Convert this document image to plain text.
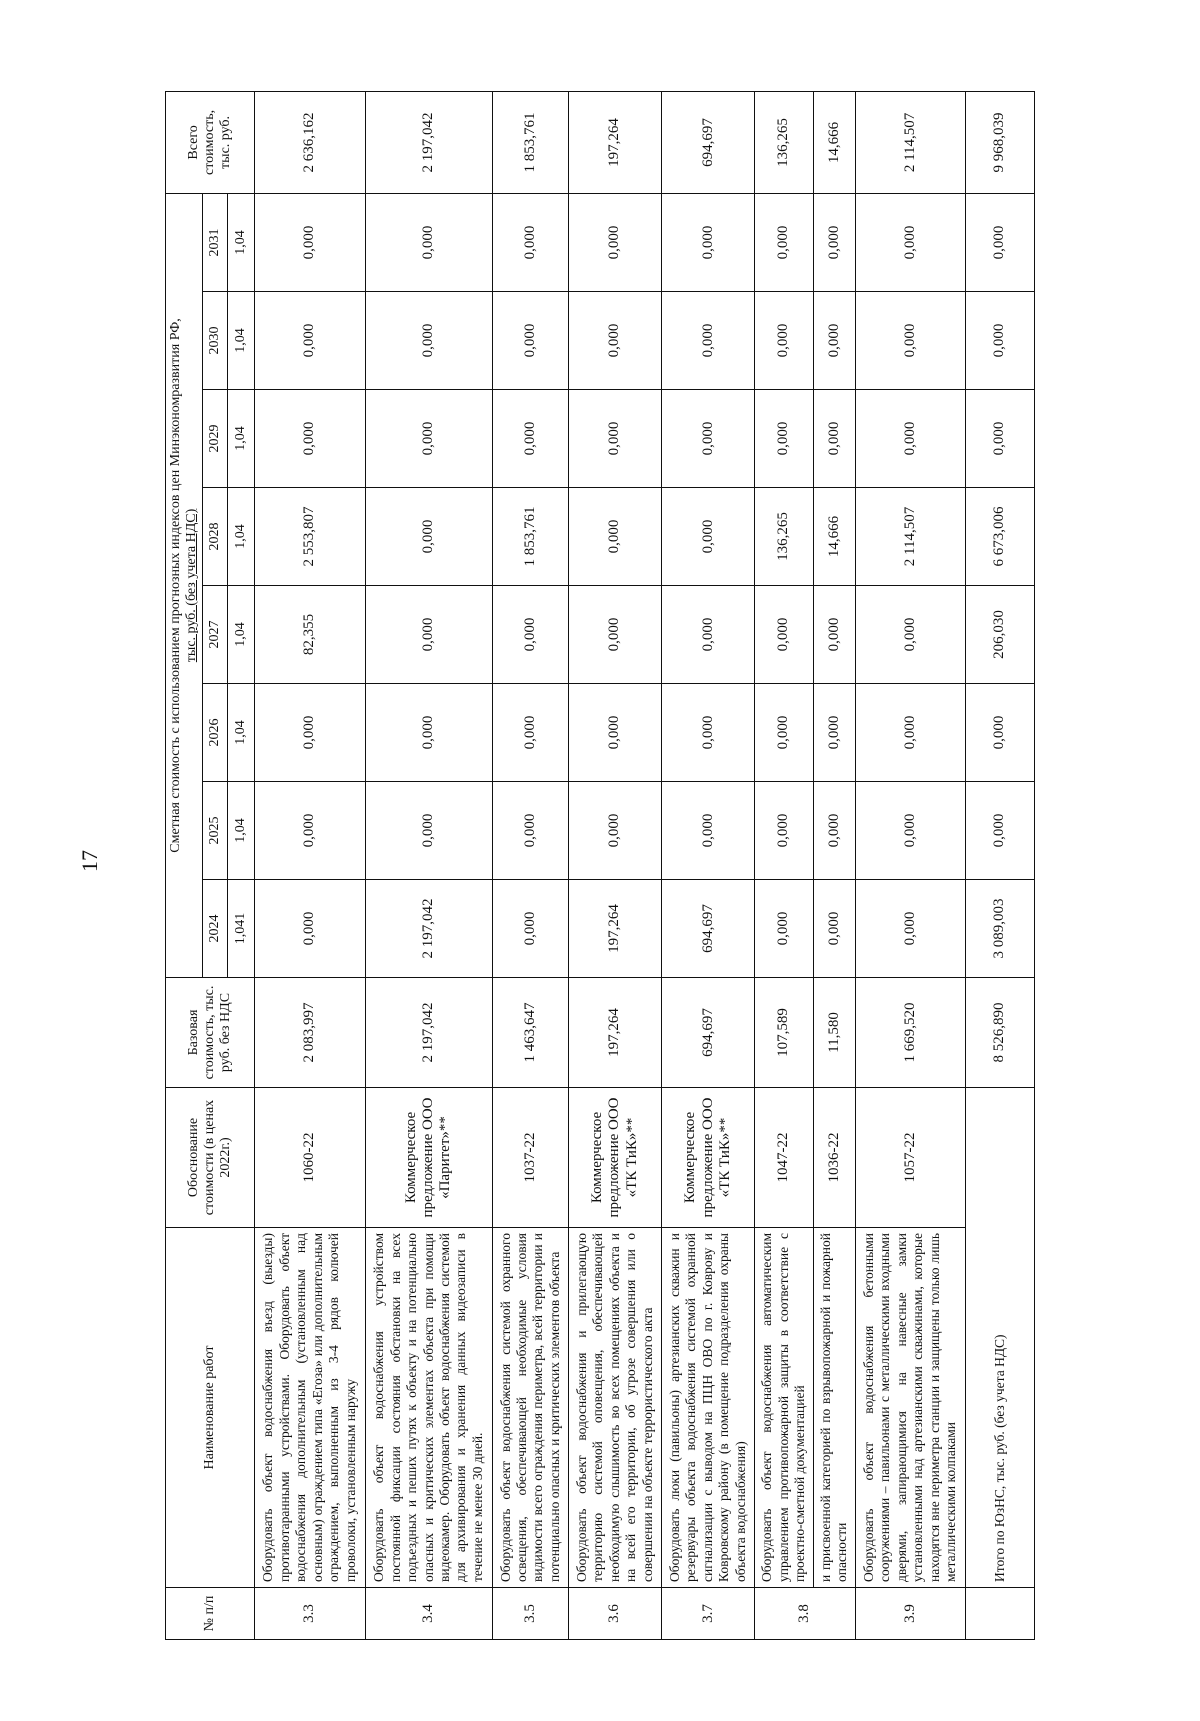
17
№ п/п	Наименование работ	Обоснование стоимости (в ценах 2022г.)	Базовая стоимость, тыс. руб. без НДС	Сметная стоимость с использованием прогнозных индексов цен Минэкономразвития РФ, тыс. руб. (без учета НДС)								Всего стоимость, тыс. руб.
				2024	2025	2026	2027	2028	2029	2030	2031	
				1,041	1,04	1,04	1,04	1,04	1,04	1,04	1,04	
3.3	Оборудовать объект водоснабжения въезд (выезды) противотаранными устройствами. Оборудовать объект водоснабжения дополнительным (установленным над основным) ограждением типа «Егоза» или дополнительным ограждением, выполненным из 3-4 рядов колючей проволоки, установленным наружу	1060-22	2 083,997	0,000	0,000	0,000	82,355	2 553,807	0,000	0,000	0,000	2 636,162
3.4	Оборудовать объект водоснабжения устройством постоянной фиксации состояния обстановки на всех подъездных и пеших путях к объекту и на потенциально опасных и критических элементах объекта при помощи видеокамер. Оборудовать объект водоснабжения системой для архивирования и хранения данных видеозаписи в течение не менее 30 дней.	Коммерческое предложение ООО «Паритет»**	2 197,042	2 197,042	0,000	0,000	0,000	0,000	0,000	0,000	0,000	2 197,042
3.5	Оборудовать объект водоснабжения системой охранного освещения, обеспечивающей необходимые условия видимости всего ограждения периметра, всей территории и потенциально опасных и критических элементов объекта	1037-22	1 463,647	0,000	0,000	0,000	0,000	1 853,761	0,000	0,000	0,000	1 853,761
3.6	Оборудовать объект водоснабжения и прилегающую территорию системой оповещения, обеспечивающей необходимую слышимость во всех помещениях объекта и на всей его территории, об угрозе совершения или о совершении на объекте террористического акта	Коммерческое предложение ООО «ТК ТиК»**	197,264	197,264	0,000	0,000	0,000	0,000	0,000	0,000	0,000	197,264
3.7	Оборудовать люки (павильоны) артезианских скважин и резервуары объекта водоснабжения системой охранной сигнализации с выводом на ПЦН ОВО по г. Коврову и Ковровскому району (в помещение подразделения охраны объекта водоснабжения)	Коммерческое предложение ООО «ТК ТиК»**	694,697	694,697	0,000	0,000	0,000	0,000	0,000	0,000	0,000	694,697
3.8	Оборудовать объект водоснабжения автоматическим управлением противопожарной защиты в соответствие с проектно-сметной документацией	1047-22	107,589	0,000	0,000	0,000	0,000	136,265	0,000	0,000	0,000	136,265
	и присвоенной категорией по взрывопожарной и пожарной опасности	1036-22	11,580	0,000	0,000	0,000	0,000	14,666	0,000	0,000	0,000	14,666
3.9	Оборудовать объект водоснабжения бетонными сооружениями – павильонами с металлическими входными дверями, запирающимися на навесные замки установленными над артезианскими скважинами, которые находятся вне периметра станции и защищены только лишь металлическими колпаками	1057-22	1 669,520	0,000	0,000	0,000	0,000	2 114,507	0,000	0,000	0,000	2 114,507
	Итого по ЮзНС, тыс. руб. (без учета НДС)		8 526,890	3 089,003	0,000	0,000	206,030	6 673,006	0,000	0,000	0,000	9 968,039
